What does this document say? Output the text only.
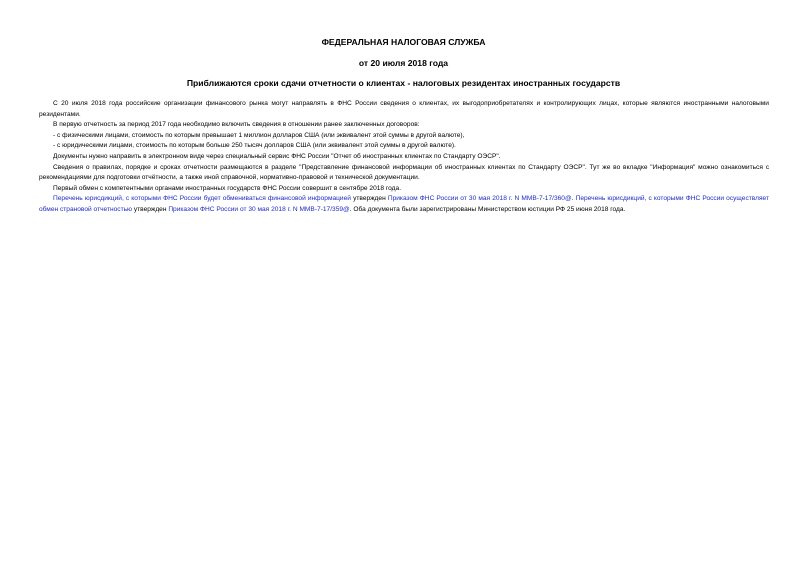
ФЕДЕРАЛЬНАЯ НАЛОГОВАЯ СЛУЖБА
от 20 июля 2018 года
Приближаются сроки сдачи отчетности о клиентах - налоговых резидентах иностранных государств

С 20 июля 2018 года российские организации финансового рынка могут направлять в ФНС России сведения о клиентах, их выгодоприобретателях и контролирующих лицах, которые являются иностранными налоговыми резидентами.

В первую отчетность за период 2017 года необходимо включить сведения в отношении ранее заключенных договоров:

- с физическими лицами, стоимость по которым превышает 1 миллион долларов США (или эквивалент этой суммы в другой валюте),

- с юридическими лицами, стоимость по которым больше 250 тысяч долларов США (или эквивалент этой суммы в другой валюте).

Документы нужно направить в электронном виде через специальный сервис ФНС России "Отчет об иностранных клиентах по Стандарту ОЭСР".

Сведения о правилах, порядке и сроках отчетности размещаются в разделе "Представление финансовой информации об иностранных клиентах по Стандарту ОЭСР". Тут же во вкладке "Информация" можно ознакомиться с рекомендациями для подготовки отчётности, а также иной справочной, нормативно-правовой и технической документации.

Первый обмен с компетентными органами иностранных государств ФНС России совершит в сентябре 2018 года.

Перечень юрисдикций, с которыми ФНС России будет обмениваться финансовой информацией утвержден Приказом ФНС России от 30 мая 2018 г. N ММВ-7-17/360@. Перечень юрисдикций, с которыми ФНС России осуществляет обмен страновой отчетностью утвержден Приказом ФНС России от 30 мая 2018 г. N ММВ-7-17/359@. Оба документа были зарегистрированы Министерством юстиции РФ 25 июня 2018 года.
